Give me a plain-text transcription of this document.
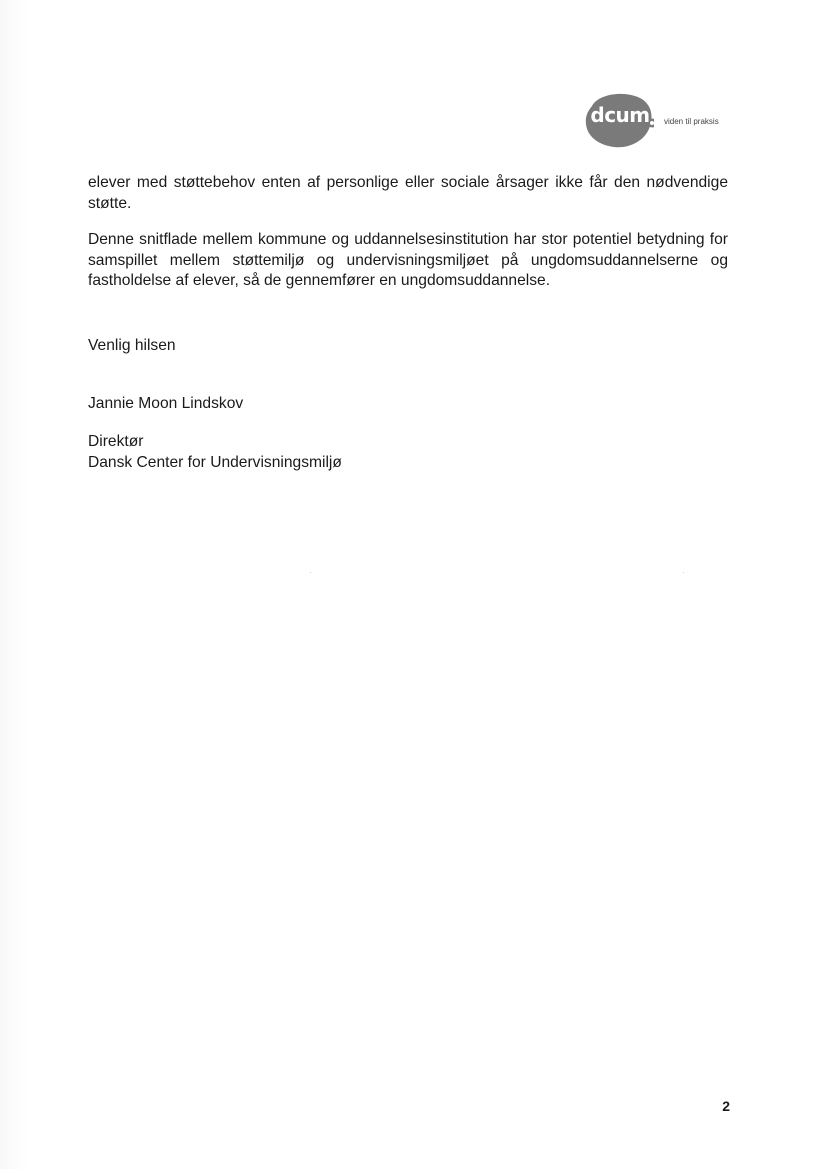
dcum viden til praksis

elever med støttebehov enten af personlige eller sociale årsager ikke får den nødvendige støtte.

Denne snitflade mellem kommune og uddannelsesinstitution har stor potentiel betydning for samspillet mellem støttemiljø og undervisningsmiljøet på ungdomsuddannelserne og fastholdelse af elever, så de gennemfører en ungdomsuddannelse.

Venlig hilsen

Jannie Moon Lindskov

Direktør

Dansk Center for Undervisningsmiljø

2
